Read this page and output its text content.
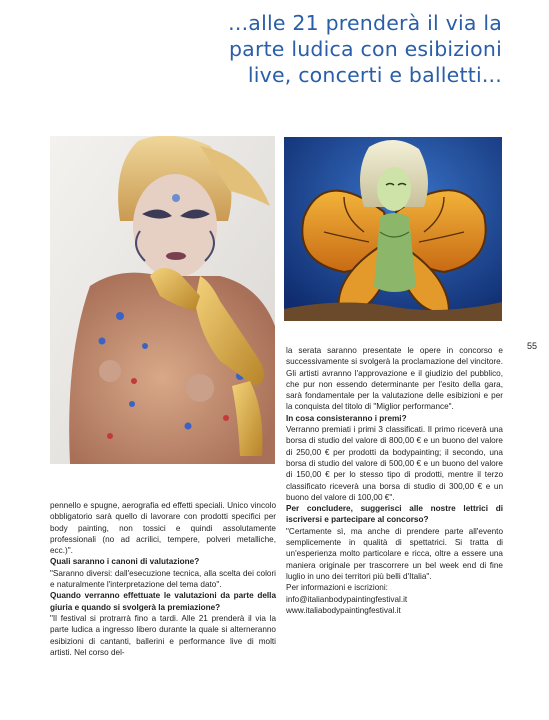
...alle 21 prenderà il via la
parte ludica con esibizioni
live, concerti e balletti...
55

pennello e spugne, aerografia ed effetti speciali. Unico vincolo obbligatorio sarà quello di lavorare con prodotti specifici per body painting, non tossici e quindi assolutamente professionali (no ad acrilici, tempere, polveri metalliche, ecc.)".

Quali saranno i canoni di valutazione?

"Saranno diversi: dall'esecuzione tecnica, alla scelta dei colori e naturalmente l'interpretazione del tema dato".

Quando verranno effettuate le valutazioni da parte della giuria e quando si svolgerà la premiazione?

"Il festival si protrarrà fino a tardi. Alle 21 prenderà il via la parte ludica a ingresso libero durante la quale si alterneranno esibizioni di cantanti, ballerini e performance live di molti artisti. Nel corso del-

la serata saranno presentate le opere in concorso e successivamente si svolgerà la proclamazione del vincitore. Gli artisti avranno l'approvazione e il giudizio del pubblico, che pur non essendo determinante per l'esito della gara, sarà fondamentale per la valutazione delle esibizioni e per la conquista del titolo di "Miglior performance".

In cosa consisteranno i premi?

Verranno premiati i primi 3 classificati. Il primo riceverà una borsa di studio del valore di 800,00 € e un buono del valore di 250,00 € per prodotti da bodypainting; il secondo, una borsa di studio del valore di 500,00 € e un buono del valore di 150,00 € per lo stesso tipo di prodotti, mentre il terzo classificato riceverà una borsa di studio di 300,00 € e un buono del valore di 100,00 €".

Per concludere, suggerisci alle nostre lettrici di iscriversi e partecipare al concorso?

"Certamente sì, ma anche di prendere parte all'evento semplicemente in qualità di spettatrici. Si tratta di un'esperienza molto particolare e ricca, oltre a essere una maniera originale per trascorrere un bel week end di fine luglio in uno dei territori più belli d'Italia".

Per informazioni e iscrizioni:

info@italianbodypaintingfestival.it

www.italiabodypaintingfestival.it
